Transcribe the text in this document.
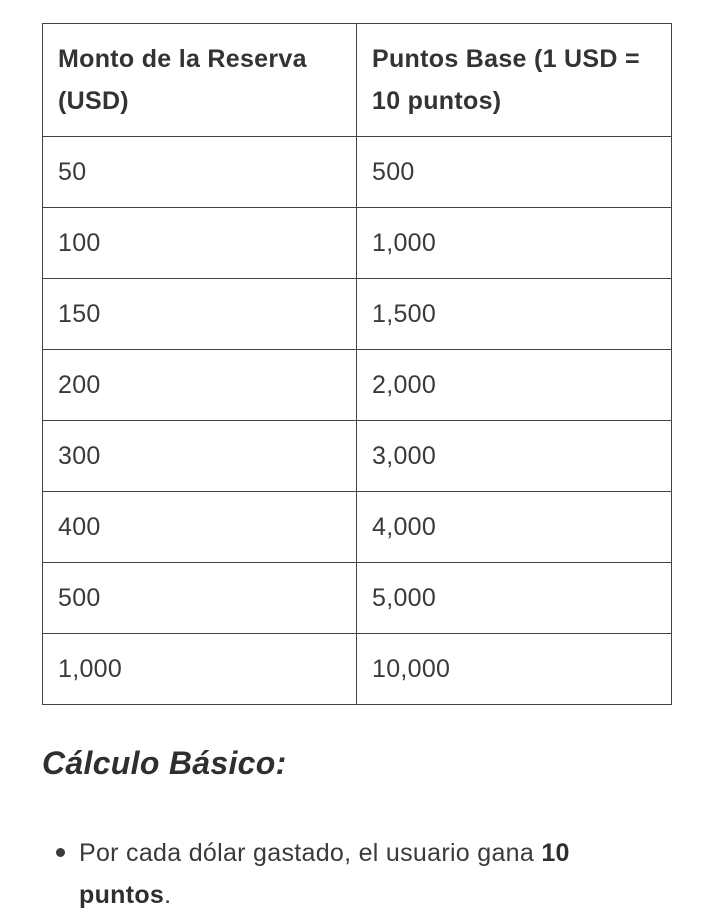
Monto de la Reserva (USD)	Puntos Base (1 USD = 10 puntos)
50	500
100	1,000
150	1,500
200	2,000
300	3,000
400	4,000
500	5,000
1,000	10,000
Cálculo Básico:
Por cada dólar gastado, el usuario gana 10 puntos.
